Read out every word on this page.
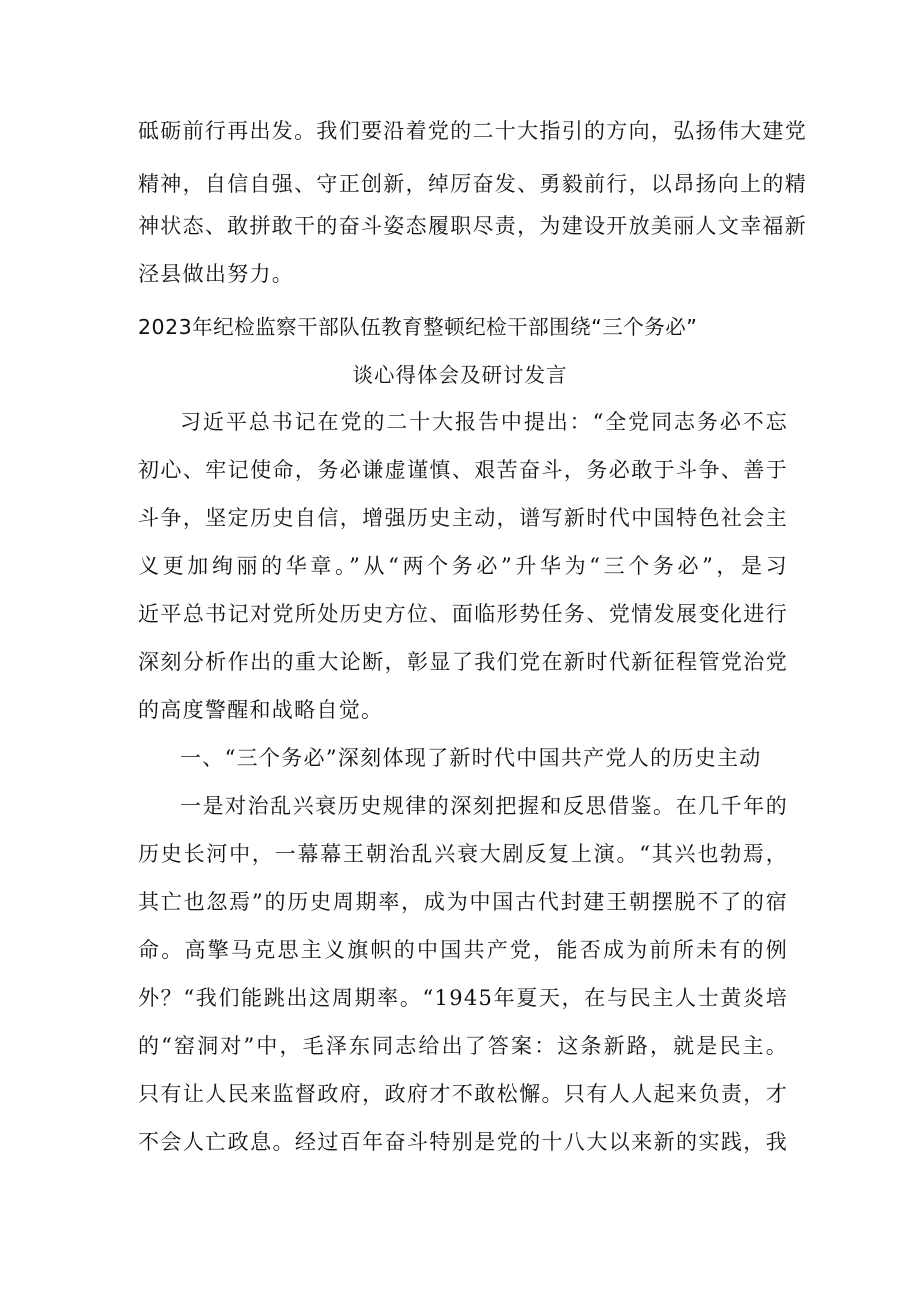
砥砺前行再出发。我们要沿着党的二十大指引的方向，弘扬伟大建党
精神，自信自强、守正创新，绰厉奋发、勇毅前行，以昂扬向上的精
神状态、敢拼敢干的奋斗姿态履职尽责，为建设开放美丽人文幸福新
泾县做出努力。
2023年纪检监察干部队伍教育整顿纪检干部围绕“三个务必”
谈心得体会及研讨发言
习近平总书记在党的二十大报告中提出：“全党同志务必不忘
初心、牢记使命，务必谦虚谨慎、艰苦奋斗，务必敢于斗争、善于
斗争，坚定历史自信，增强历史主动，谱写新时代中国特色社会主
义更加绚丽的华章。”从“两个务必”升华为“三个务必”，是习
近平总书记对党所处历史方位、面临形势任务、党情发展变化进行
深刻分析作出的重大论断，彰显了我们党在新时代新征程管党治党
的高度警醒和战略自觉。
一、“三个务必”深刻体现了新时代中国共产党人的历史主动
一是对治乱兴衰历史规律的深刻把握和反思借鉴。在几千年的
历史长河中，一幕幕王朝治乱兴衰大剧反复上演。“其兴也勃焉，
其亡也忽焉”的历史周期率，成为中国古代封建王朝摆脱不了的宿
命。高擎马克思主义旗帜的中国共产党，能否成为前所未有的例
外？“我们能跳出这周期率。“1945年夏天，在与民主人士黄炎培
的“窑洞对”中，毛泽东同志给出了答案：这条新路，就是民主。
只有让人民来监督政府，政府才不敢松懈。只有人人起来负责，才
不会人亡政息。经过百年奋斗特别是党的十八大以来新的实践，我
